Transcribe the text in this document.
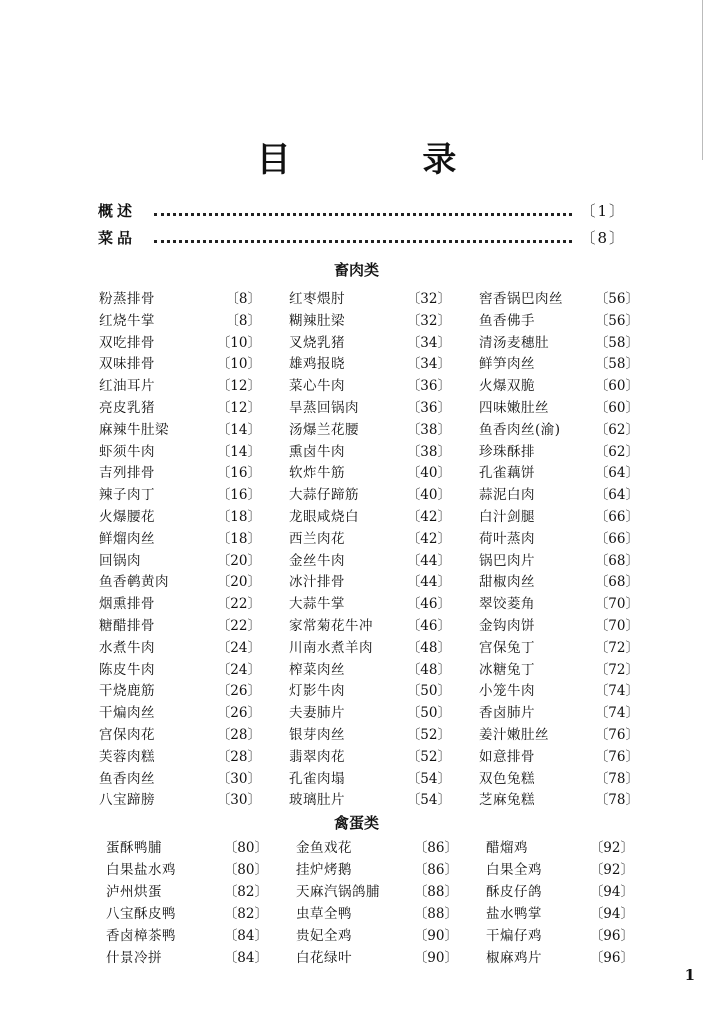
目 录
概述	〔1〕
菜品	〔8〕
畜肉类
粉蒸排骨	〔8〕 红枣煨肘	〔32〕 窖香锅巴肉丝 〔56〕
红烧牛掌	〔8〕 糊辣肚梁	〔32〕 鱼香佛手	〔56〕
双吃排骨	〔10〕 叉烧乳猪	〔34〕 清汤麦穗肚	〔58〕
双味排骨	〔10〕 雄鸡报晓	〔34〕 鲜笋肉丝	〔58〕
红油耳片	〔12〕 菜心牛肉	〔36〕 火爆双脆	〔60〕
亮皮乳猪	〔12〕 旱蒸回锅肉	〔36〕 四味嫩肚丝	〔60〕
麻辣牛肚梁	〔14〕 汤爆兰花腰	〔38〕 鱼香肉丝(渝)	〔62〕
虾须牛肉	〔14〕 熏卤牛肉	〔38〕 珍珠酥排	〔62〕
吉列排骨	〔16〕 软炸牛筋	〔40〕 孔雀藕饼	〔64〕
辣子肉丁	〔16〕 大蒜仔蹄筋	〔40〕 蒜泥白肉	〔64〕
火爆腰花	〔18〕 龙眼咸烧白	〔42〕 白汁剑腿	〔66〕
鲜熘肉丝	〔18〕 西兰肉花	〔42〕 荷叶蒸肉	〔66〕
回锅肉	〔20〕 金丝牛肉	〔44〕 锅巴肉片	〔68〕
鱼香鹌黄肉	〔20〕 冰汁排骨	〔44〕 甜椒肉丝	〔68〕
烟熏排骨	〔22〕 大蒜牛掌	〔46〕 翠饺菱角	〔70〕
糖醋排骨	〔22〕 家常菊花牛冲	〔46〕 金钩肉饼	〔70〕
水煮牛肉	〔24〕 川南水煮羊肉	〔48〕 宫保兔丁	〔72〕
陈皮牛肉	〔24〕 榨菜肉丝	〔48〕 冰糖兔丁	〔72〕
干烧鹿筋	〔26〕 灯影牛肉	〔50〕 小笼牛肉	〔74〕
干煸肉丝	〔26〕 夫妻肺片	〔50〕 香卤肺片	〔74〕
宫保肉花	〔28〕 银芽肉丝	〔52〕 姜汁嫩肚丝	〔76〕
芙蓉肉糕	〔28〕 翡翠肉花	〔52〕 如意排骨	〔76〕
鱼香肉丝	〔30〕 孔雀肉塌	〔54〕 双色兔糕	〔78〕
八宝蹄膀	〔30〕 玻璃肚片	〔54〕 芝麻兔糕	〔78〕
禽蛋类
蛋酥鸭脯	〔80〕 金鱼戏花	〔86〕 醋熘鸡	〔92〕
白果盐水鸡	〔80〕 挂炉烤鹅	〔86〕 白果全鸡	〔92〕
泸州烘蛋	〔82〕 天麻汽锅鸽脯	〔88〕 酥皮仔鸽	〔94〕
八宝酥皮鸭	〔82〕 虫草全鸭	〔88〕 盐水鸭掌	〔94〕
香卤樟茶鸭	〔84〕 贵妃全鸡	〔90〕 干煸仔鸡	〔96〕
什景冷拼	〔84〕 白花绿叶	〔90〕 椒麻鸡片	〔96〕
1
